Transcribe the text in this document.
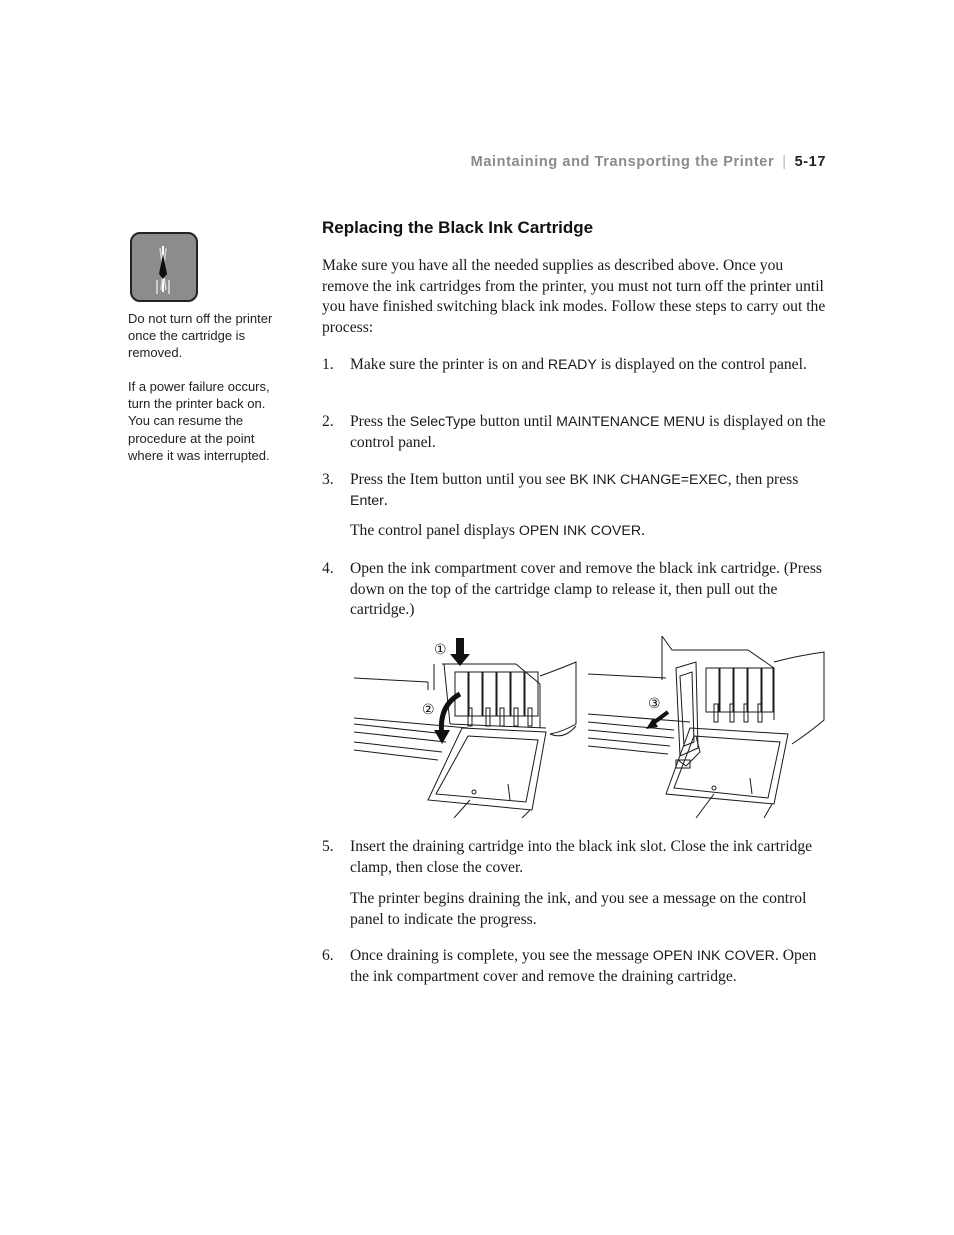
Maintaining and Transporting the Printer | 5-17
Do not turn off the printer once the cartridge is removed.
If a power failure occurs, turn the printer back on. You can resume the procedure at the point where it was interrupted.
Replacing the Black Ink Cartridge
Make sure you have all the needed supplies as described above. Once you remove the ink cartridges from the printer, you must not turn off the printer until you have finished switching black ink modes. Follow these steps to carry out the process:
1. Make sure the printer is on and READY is displayed on the control panel.
2. Press the SelecType button until MAINTENANCE MENU is displayed on the control panel.
3. Press the Item button until you see BK INK CHANGE=EXEC, then press Enter.
The control panel displays OPEN INK COVER.
4. Open the ink compartment cover and remove the black ink cartridge. (Press down on the top of the cartridge clamp to release it, then pull out the cartridge.)
①
②	③
5. Insert the draining cartridge into the black ink slot. Close the ink cartridge clamp, then close the cover.
The printer begins draining the ink, and you see a message on the control panel to indicate the progress.
6. Once draining is complete, you see the message OPEN INK COVER. Open the ink compartment cover and remove the draining cartridge.
